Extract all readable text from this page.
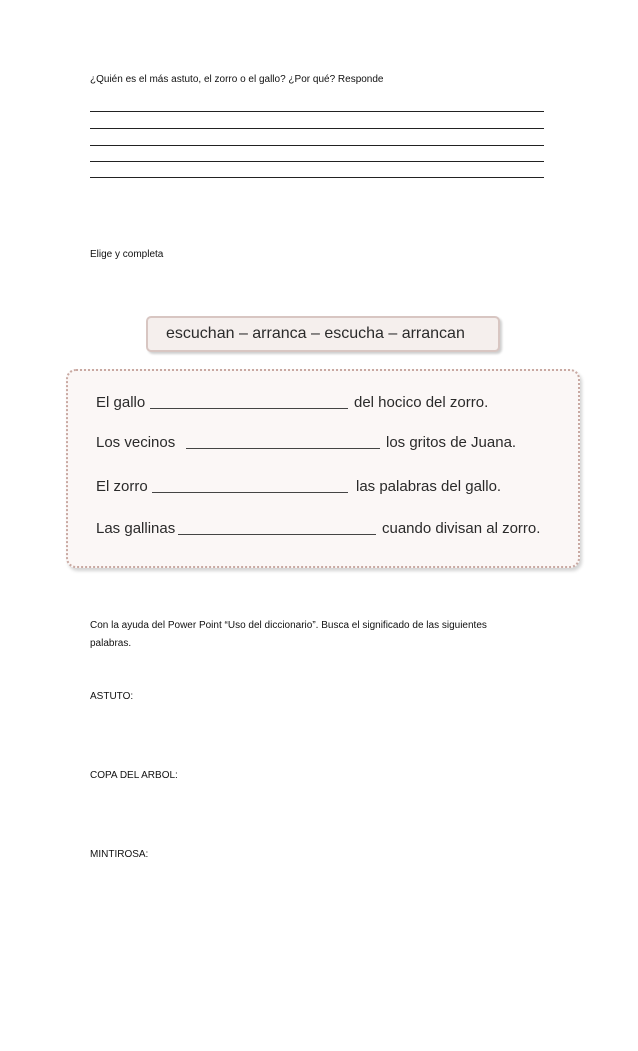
¿Quién es el más astuto, el zorro o el gallo? ¿Por qué? Responde
Elige y completa
escuchan – arranca – escucha – arrancan
El gallo	del hocico del zorro.
Los vecinos	los gritos de Juana.
El zorro	las palabras del gallo.
Las gallinas	cuando divisan al zorro.
Con la ayuda del Power Point “Uso del diccionario”. Busca el significado de las siguientes
palabras.
ASTUTO:
COPA DEL ARBOL:
MINTIROSA:
